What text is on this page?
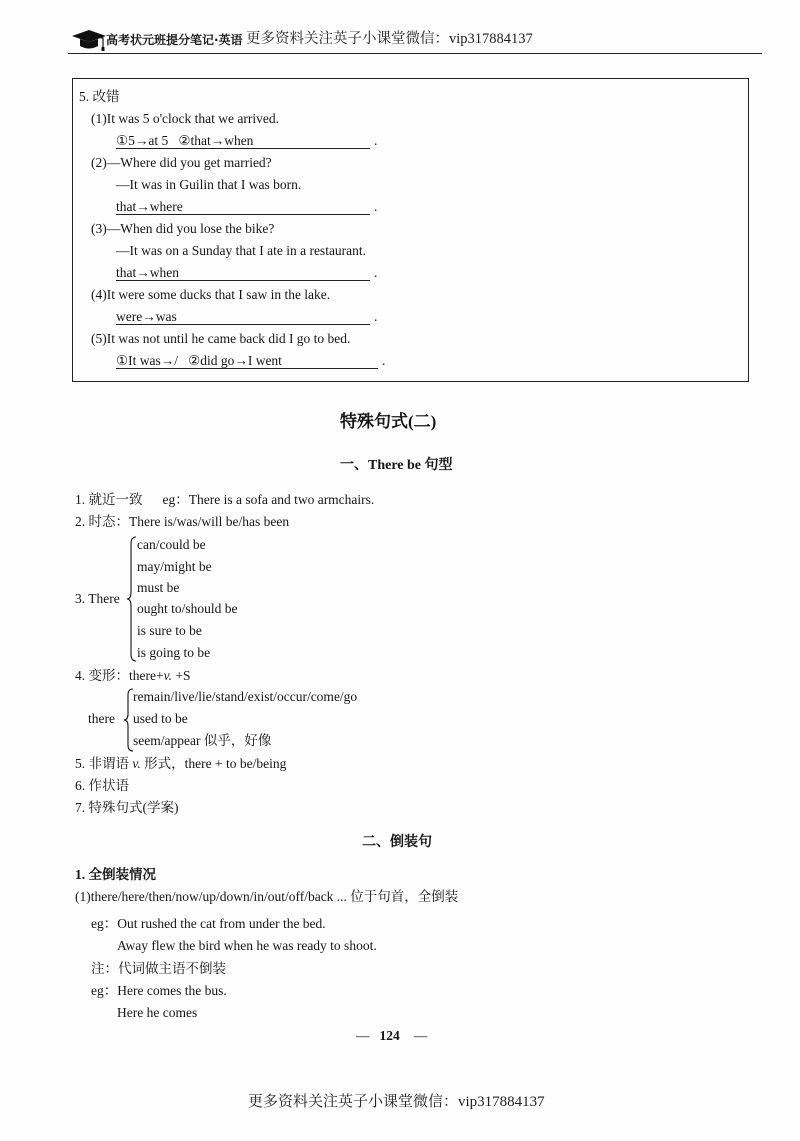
高考状元班提分笔记·英语 更多资料关注英子小课堂微信：vip317884137
5. 改错
(1)It was 5 o'clock that we arrived.
①5→at 5   ②that→when	.
(2)—Where did you get married?
—It was in Guilin that I was born.
that→where	.
(3)—When did you lose the bike?
—It was on a Sunday that I ate in a restaurant.
that→when	.
(4)It were some ducks that I saw in the lake.
were→was	.
(5)It was not until he came back did I go to bed.
①It was→/   ②did go→I went	.
特殊句式(二)
一、There be 句型
1. 就近一致 eg：There is a sofa and two armchairs.
2. 时态：There is/was/will be/has been
3. There
can/could be
may/might be
must be
ought to/should be
is sure to be
is going to be
4. 变形：there+v. +S
there
remain/live/lie/stand/exist/occur/come/go
used to be
seem/appear 似乎，好像
5. 非谓语 v. 形式，there + to be/being
6. 作状语
7. 特殊句式(学案)
二、倒装句
1. 全倒装情况
(1)there/here/then/now/up/down/in/out/off/back ... 位于句首，全倒装
eg：Out rushed the cat from under the bed.
Away flew the bird when he was ready to shoot.
注：代词做主语不倒装
eg：Here comes the bus.
Here he comes
— 124 —
更多资料关注英子小课堂微信：vip317884137
